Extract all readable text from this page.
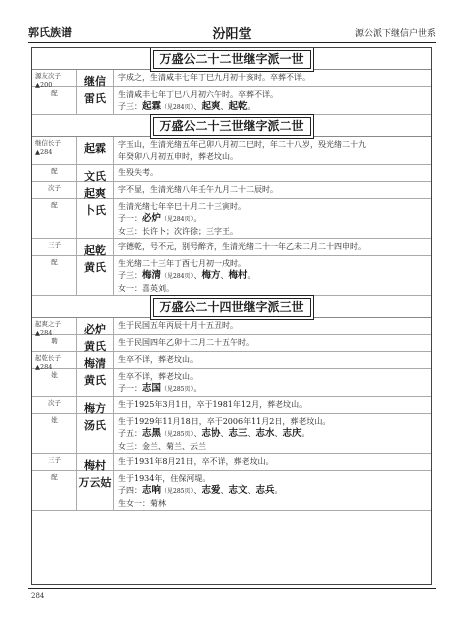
郭氏族谱	汾阳堂	源公派下继信户世系
万盛公二十二世继字派一世
源友次子
▲200	继信	字成之，生清咸丰七年丁巳九月初十亥时。卒葬不详。
配	雷氏	生清咸丰七年丁巳八月初六午时。卒葬不详。
子三：起霖（见284页）、起爽、起乾。
万盛公二十三世继字派二世
继信长子
▲284	起霖	字玉山，生清光绪五年己卯八月初二巳时，年二十八岁，殁光绪二十九
年癸卯八月初五申时，葬老坟山。
配	文氏	生殁失考。
次子	起爽	字不显，生清光绪八年壬午九月二十二辰时。
配	卜氏	生清光绪七年辛巳十月二十三寅时。
子一：必炉（见284页）。
女三：长许卜；次许徐；三字王。
三子	起乾	字德乾，号不元，别号醉齐，生清光绪二十一年乙未二月二十四申时。
配	黄氏	生光绪二十三年丁酉七月初一戌时。
子三：梅清（见284页）、梅方、梅村。
女一：喜英刘。
万盛公二十四世继字派三世
起爽之子
▲284	必炉	生于民国五年丙辰十月十五丑时。
聘	黄氏	生于民国四年乙卯十二月二十五午时。
起乾长子
▲284	梅清	生卒不详，葬老坟山。
妣	黄氏	生卒不详，葬老坟山。
子一：志国（见285页）。
次子	梅方	生于1925年3月1日，卒于1981年12月，葬老坟山。
妣	汤氏	生于1929年11月18日，卒于2006年11月2日，葬老坟山。
子五：志黑（见285页）、志协、志三、志水、志庆。
女三：金兰、菊兰、云兰
三子	梅村	生于1931年8月21日，卒不详，葬老坟山。
配	万云姑 生于1934年，住保河堤。
子四：志响（见285页）、志爱、志文、志兵。
生女一：菊林
284
